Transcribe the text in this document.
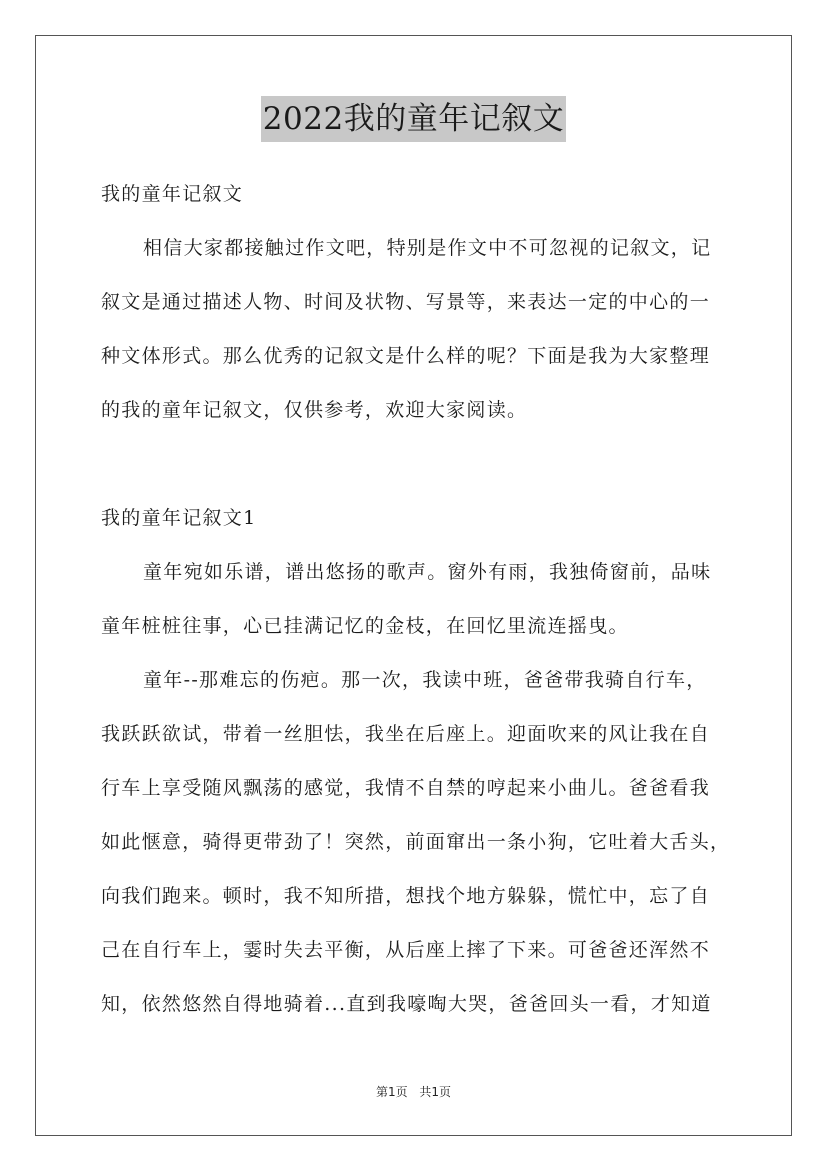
2022我的童年记叙文
我的童年记叙文
相信大家都接触过作文吧，特别是作文中不可忽视的记叙文，记
叙文是通过描述人物、时间及状物、写景等，来表达一定的中心的一
种文体形式。那么优秀的记叙文是什么样的呢？下面是我为大家整理
的我的童年记叙文，仅供参考，欢迎大家阅读。
我的童年记叙文1
童年宛如乐谱，谱出悠扬的歌声。窗外有雨，我独倚窗前，品味
童年桩桩往事，心已挂满记忆的金枝，在回忆里流连摇曳。
童年--那难忘的伤疤。那一次，我读中班，爸爸带我骑自行车，
我跃跃欲试，带着一丝胆怯，我坐在后座上。迎面吹来的风让我在自
行车上享受随风飘荡的感觉，我情不自禁的哼起来小曲儿。爸爸看我
如此惬意，骑得更带劲了！突然，前面窜出一条小狗，它吐着大舌头，
向我们跑来。顿时，我不知所措，想找个地方躲躲，慌忙中，忘了自
己在自行车上，霎时失去平衡，从后座上摔了下来。可爸爸还浑然不
知，依然悠然自得地骑着...直到我嚎啕大哭，爸爸回头一看，才知道
第1页 共1页
